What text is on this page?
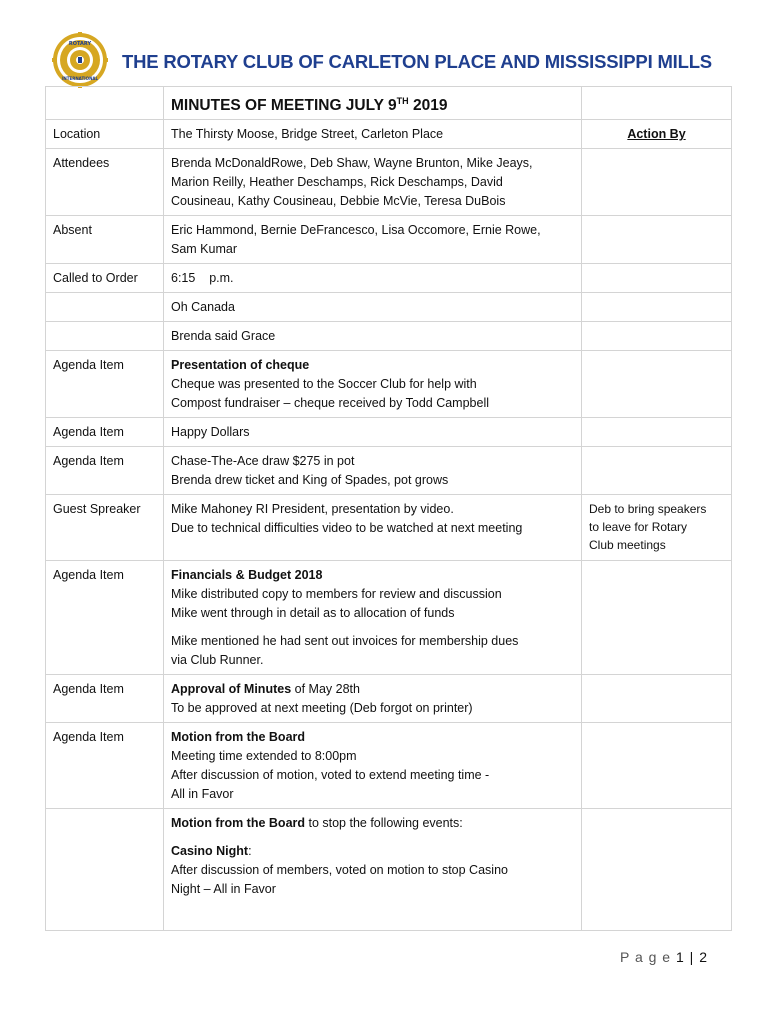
ROTARY
INTERNATIONAL
THE ROTARY CLUB OF CARLETON PLACE AND MISSISSIPPI MILLS
	MINUTES OF MEETING JULY 9TH 2019	
Location	The Thirsty Moose, Bridge Street, Carleton Place	Action By
Attendees	Brenda McDonaldRowe, Deb Shaw, Wayne Brunton, Mike Jeays,
Marion Reilly, Heather Deschamps, Rick Deschamps, David
Cousineau, Kathy Cousineau, Debbie McVie, Teresa DuBois	

Absent	Eric Hammond, Bernie DeFrancesco, Lisa Occomore, Ernie Rowe,
Sam Kumar	

Called to Order	6:15    p.m.	
	Oh Canada	
	Brenda said Grace	
Agenda Item	Presentation of cheque
Cheque was presented to the Soccer Club for help with
Compost fundraiser – cheque received by Todd Campbell	

Agenda Item	Happy Dollars	
Agenda Item	Chase-The-Ace draw $275 in pot
Brenda drew ticket and King of Spades, pot grows	

Guest Spreaker	Mike Mahoney RI President, presentation by video.
Due to technical difficulties video to be watched at next meeting	Deb to bring speakers
to leave for Rotary
Club meetings

Agenda Item	Financials & Budget 2018
Mike distributed copy to members for review and discussion
Mike went through in detail as to allocation of funds
Mike mentioned he had sent out invoices for membership dues
via Club Runner.	

Agenda Item	Approval of Minutes of May 28th
To be approved at next meeting (Deb forgot on printer)	

Agenda Item	Motion from the Board
Meeting time extended to 8:00pm
After discussion of motion, voted to extend meeting time -
All in Favor	

	Motion from the Board to stop the following events:
Casino Night:
After discussion of members, voted on motion to stop Casino
Night – All in Favor	

P a g e 1 | 2
